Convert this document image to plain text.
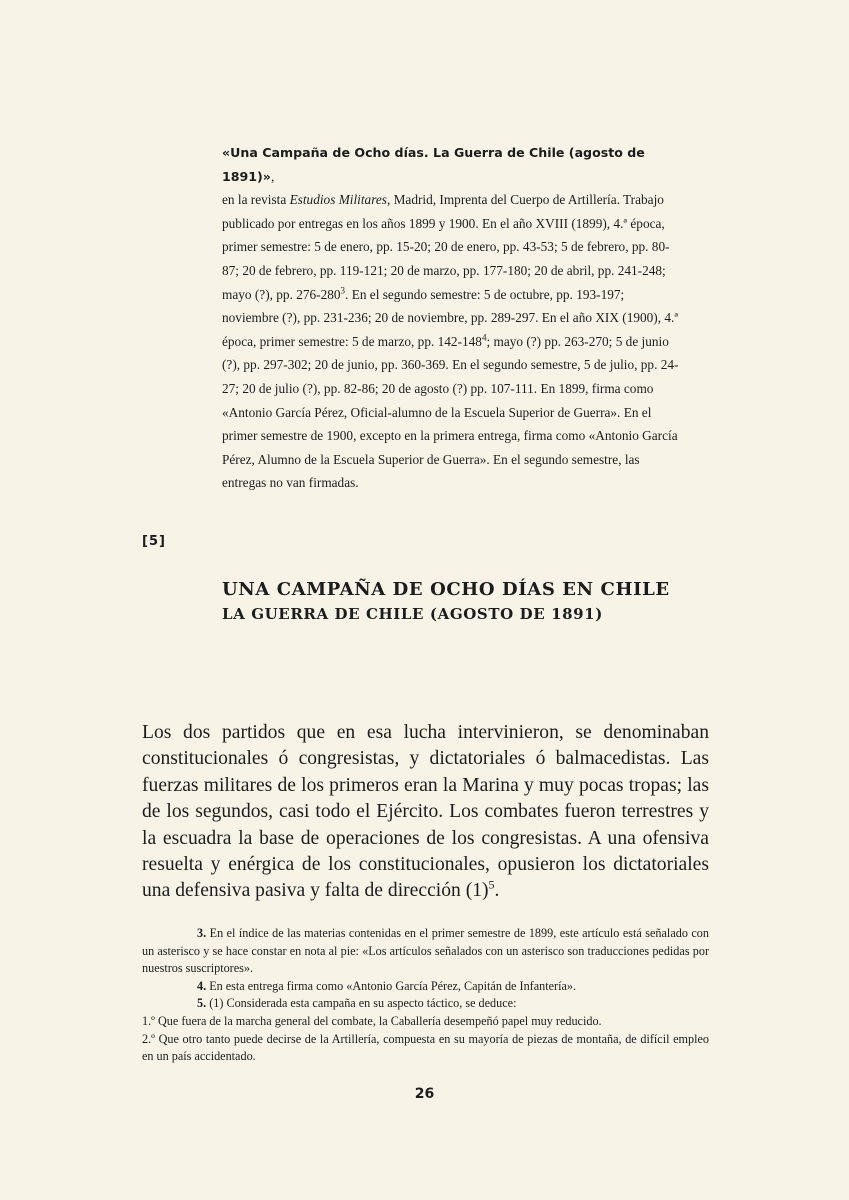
«Una Campaña de Ocho días. La Guerra de Chile (agosto de 1891)»,
en la revista Estudios Militares, Madrid, Imprenta del Cuerpo de Artillería. Trabajo publicado por entregas en los años 1899 y 1900. En el año XVIII (1899), 4.ª época, primer semestre: 5 de enero, pp. 15-20; 20 de enero, pp. 43-53; 5 de febrero, pp. 80-87; 20 de febrero, pp. 119-121; 20 de marzo, pp. 177-180; 20 de abril, pp. 241-248; mayo (?), pp. $276-280^3$. En el segundo semestre: 5 de octubre, pp. 193-197; noviembre (?), pp. 231-236; 20 de noviembre, pp. 289-297. En el año XIX (1900), 4.ª época, primer semestre: 5 de marzo, pp. $142-148^4$; mayo (?) pp. 263-270; 5 de junio (?), pp. 297-302; 20 de junio, pp. 360-369. En el segundo semestre, 5 de julio, pp. 24-27; 20 de julio (?), pp. 82-86; 20 de agosto (?) pp. 107-111. En 1899, firma como «Antonio García Pérez, Oficial-alumno de la Escuela Superior de Guerra». En el primer semestre de 1900, excepto en la primera entrega, firma como «Antonio García Pérez, Alumno de la Escuela Superior de Guerra». En el segundo semestre, las entregas no van firmadas.

[5]

UNA CAMPAÑA DE OCHO DÍAS EN CHILE
LA GUERRA DE CHILE (AGOSTO DE 1891)

Los dos partidos que en esa lucha intervinieron, se denominaban constitucionales ó congresistas, y dictatoriales ó balmacedistas. Las fuerzas militares de los primeros eran la Marina y muy pocas tropas; las de los segundos, casi todo el Ejército. Los combates fueron terrestres y la escuadra la base de operaciones de los congresistas. A una ofensiva resuelta y enérgica de los constitucionales, opusieron los dictatoriales una defensiva pasiva y falta de dirección $(1)^5$.

3. En el índice de las materias contenidas en el primer semestre de 1899, este artículo está señalado con un asterisco y se hace constar en nota al pie: «Los artículos señalados con un asterisco son traducciones pedidas por nuestros suscriptores».

4. En esta entrega firma como «Antonio García Pérez, Capitán de Infantería».

5. (1) Considerada esta campaña en su aspecto táctico, se deduce:

1.º Que fuera de la marcha general del combate, la Caballería desempeñó papel muy reducido.

2.º Que otro tanto puede decirse de la Artillería, compuesta en su mayoría de piezas de montaña, de difícil empleo en un país accidentado.

26
